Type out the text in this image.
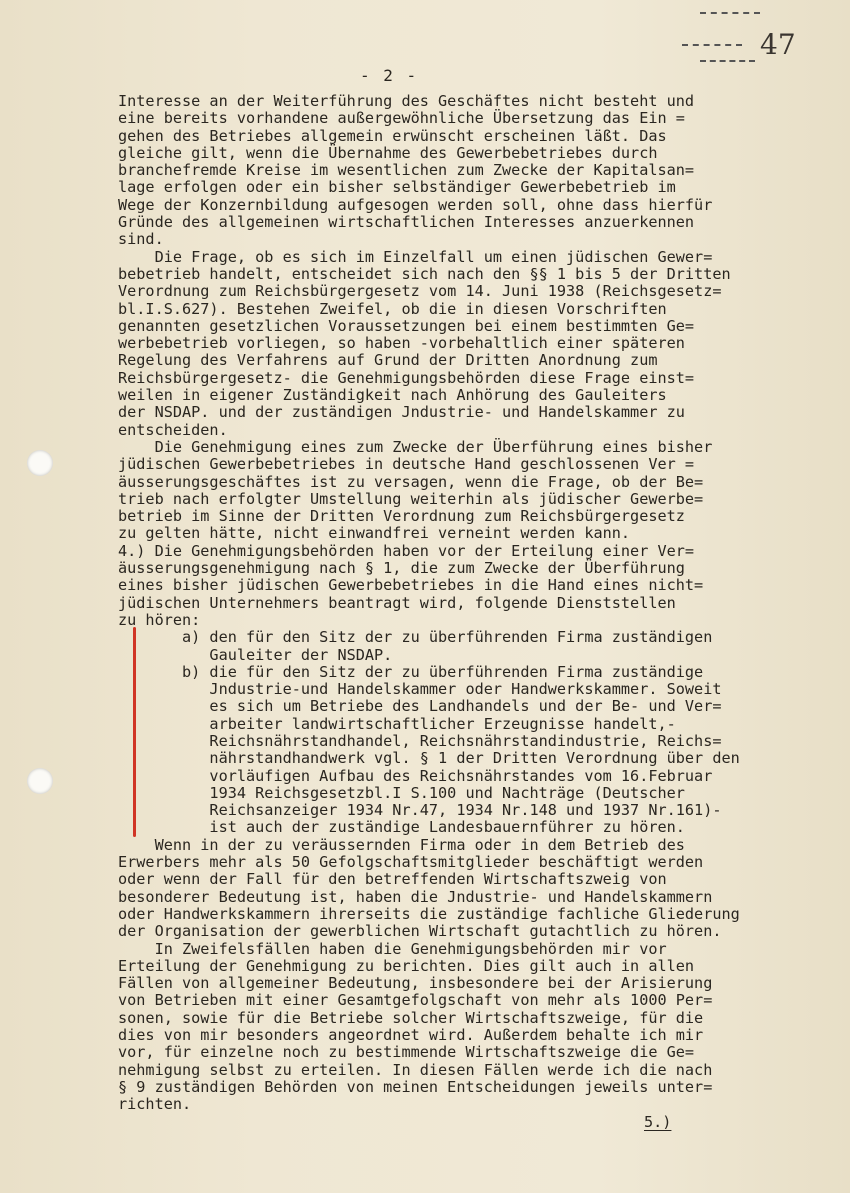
47
- 2 -
Interesse an der Weiterführung des Geschäftes nicht besteht und
eine bereits vorhandene außergewöhnliche Übersetzung das Ein =
gehen des Betriebes allgemein erwünscht erscheinen läßt. Das
gleiche gilt, wenn die Übernahme des Gewerbebetriebes durch
branchefremde Kreise im wesentlichen zum Zwecke der Kapitalsan=
lage erfolgen oder ein bisher selbständiger Gewerbebetrieb im
Wege der Konzernbildung aufgesogen werden soll, ohne dass hierfür
Gründe des allgemeinen wirtschaftlichen Interesses anzuerkennen
sind.
Die Frage, ob es sich im Einzelfall um einen jüdischen Gewer=
bebetrieb handelt, entscheidet sich nach den §§ 1 bis 5 der Dritten
Verordnung zum Reichsbürgergesetz vom 14. Juni 1938 (Reichsgesetz=
bl.I.S.627). Bestehen Zweifel, ob die in diesen Vorschriften
genannten gesetzlichen Voraussetzungen bei einem bestimmten Ge=
werbebetrieb vorliegen, so haben -vorbehaltlich einer späteren
Regelung des Verfahrens auf Grund der Dritten Anordnung zum
Reichsbürgergesetz- die Genehmigungsbehörden diese Frage einst=
weilen in eigener Zuständigkeit nach Anhörung des Gauleiters
der NSDAP. und der zuständigen Jndustrie- und Handelskammer zu
entscheiden.
Die Genehmigung eines zum Zwecke der Überführung eines bisher
jüdischen Gewerbebetriebes in deutsche Hand geschlossenen Ver =
äusserungsgeschäftes ist zu versagen, wenn die Frage, ob der Be=
trieb nach erfolgter Umstellung weiterhin als jüdischer Gewerbe=
betrieb im Sinne der Dritten Verordnung zum Reichsbürgergesetz
zu gelten hätte, nicht einwandfrei verneint werden kann.
4.) Die Genehmigungsbehörden haben vor der Erteilung einer Ver=
äusserungsgenehmigung nach § 1, die zum Zwecke der Überführung
eines bisher jüdischen Gewerbebetriebes in die Hand eines nicht=
jüdischen Unternehmers beantragt wird, folgende Dienststellen
zu hören:
a) den für den Sitz der zu überführenden Firma zuständigen
Gauleiter der NSDAP.
b) die für den Sitz der zu überführenden Firma zuständige
Jndustrie-und Handelskammer oder Handwerkskammer. Soweit
es sich um Betriebe des Landhandels und der Be- und Ver=
arbeiter landwirtschaftlicher Erzeugnisse handelt,-
Reichsnährstandhandel, Reichsnährstandindustrie, Reichs=
nährstandhandwerk vgl. § 1 der Dritten Verordnung über den
vorläufigen Aufbau des Reichsnährstandes vom 16.Februar
1934 Reichsgesetzbl.I S.100 und Nachträge (Deutscher
Reichsanzeiger 1934 Nr.47, 1934 Nr.148 und 1937 Nr.161)-
ist auch der zuständige Landesbauernführer zu hören.
Wenn in der zu veräussernden Firma oder in dem Betrieb des
Erwerbers mehr als 50 Gefolgschaftsmitglieder beschäftigt werden
oder wenn der Fall für den betreffenden Wirtschaftszweig von
besonderer Bedeutung ist, haben die Jndustrie- und Handelskammern
oder Handwerkskammern ihrerseits die zuständige fachliche Gliederung
der Organisation der gewerblichen Wirtschaft gutachtlich zu hören.
In Zweifelsfällen haben die Genehmigungsbehörden mir vor
Erteilung der Genehmigung zu berichten. Dies gilt auch in allen
Fällen von allgemeiner Bedeutung, insbesondere bei der Arisierung
von Betrieben mit einer Gesamtgefolgschaft von mehr als 1000 Per=
sonen, sowie für die Betriebe solcher Wirtschaftszweige, für die
dies von mir besonders angeordnet wird. Außerdem behalte ich mir
vor, für einzelne noch zu bestimmende Wirtschaftszweige die Ge=
nehmigung selbst zu erteilen. In diesen Fällen werde ich die nach
§ 9 zuständigen Behörden von meinen Entscheidungen jeweils unter=
richten.
5.)
